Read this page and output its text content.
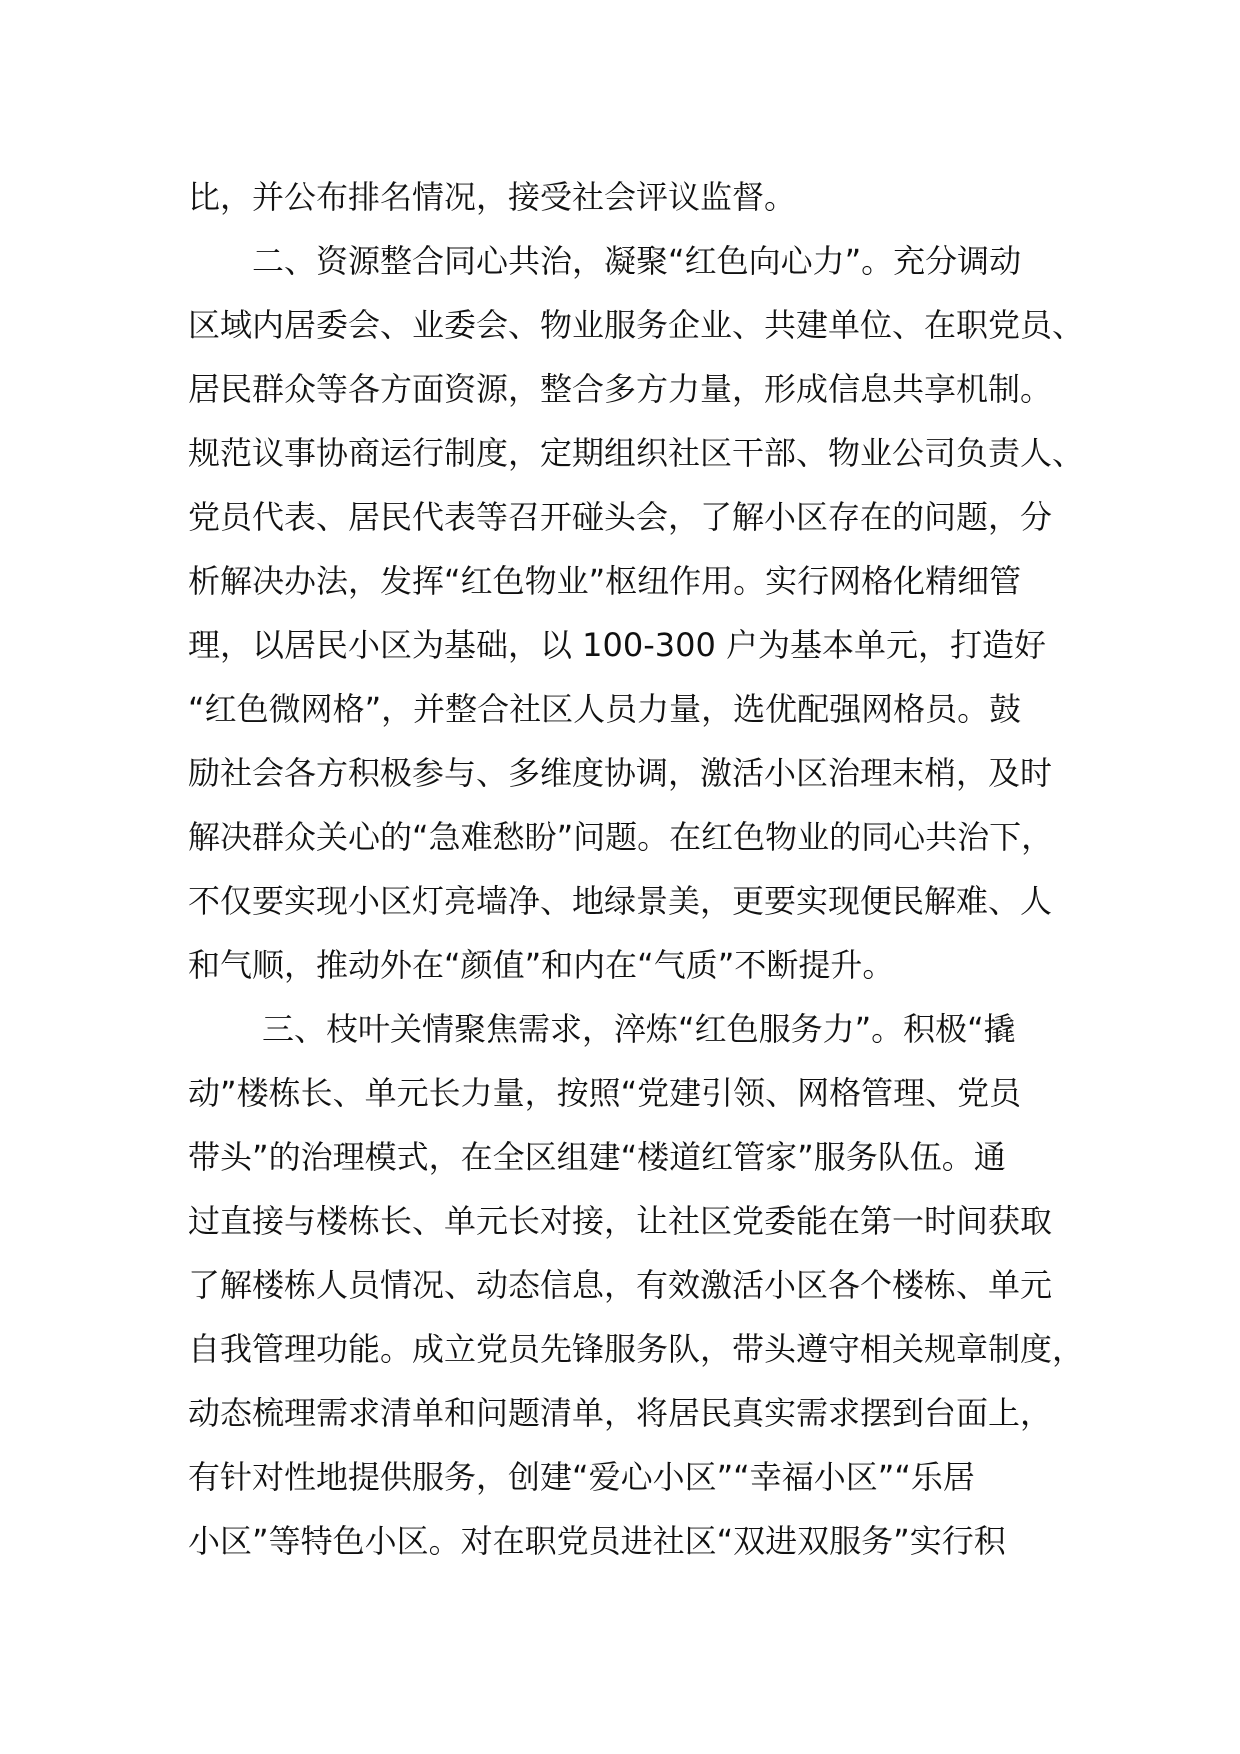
比，并公布排名情况，接受社会评议监督。
二、资源整合同心共治，凝聚“红色向心力”。充分调动
区域内居委会、业委会、物业服务企业、共建单位、在职党员、
居民群众等各方面资源，整合多方力量，形成信息共享机制。
规范议事协商运行制度，定期组织社区干部、物业公司负责人、
党员代表、居民代表等召开碰头会，了解小区存在的问题，分
析解决办法，发挥“红色物业”枢纽作用。实行网格化精细管
理，以居民小区为基础，以 100-300 户为基本单元，打造好
“红色微网格”，并整合社区人员力量，选优配强网格员。鼓
励社会各方积极参与、多维度协调，激活小区治理末梢，及时
解决群众关心的“急难愁盼”问题。在红色物业的同心共治下，
不仅要实现小区灯亮墙净、地绿景美，更要实现便民解难、人
和气顺，推动外在“颜值”和内在“气质”不断提升。
三、枝叶关情聚焦需求，淬炼“红色服务力”。积极“撬
动”楼栋长、单元长力量，按照“党建引领、网格管理、党员
带头”的治理模式，在全区组建“楼道红管家”服务队伍。通
过直接与楼栋长、单元长对接，让社区党委能在第一时间获取
了解楼栋人员情况、动态信息，有效激活小区各个楼栋、单元
自我管理功能。成立党员先锋服务队，带头遵守相关规章制度，
动态梳理需求清单和问题清单，将居民真实需求摆到台面上，
有针对性地提供服务，创建“爱心小区”“幸福小区”“乐居
小区”等特色小区。对在职党员进社区“双进双服务”实行积
